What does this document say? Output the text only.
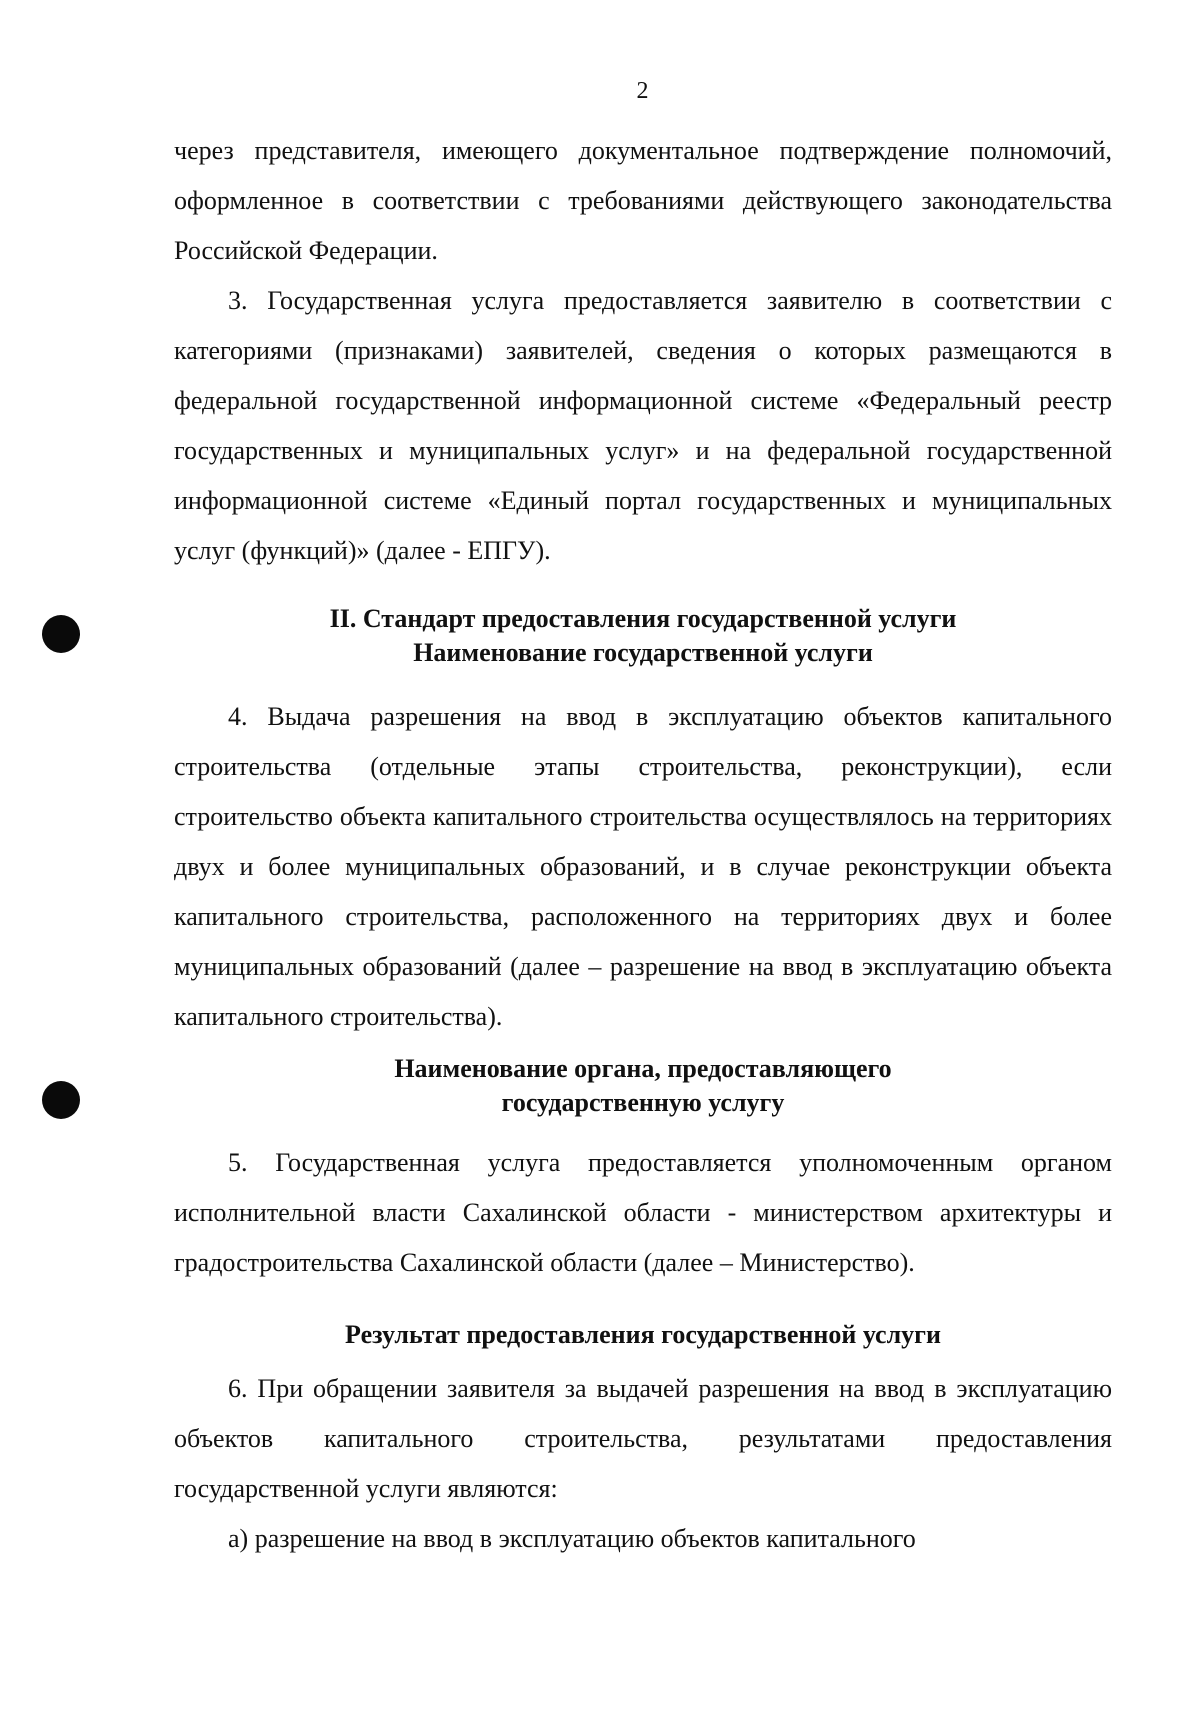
2

через представителя, имеющего документальное подтверждение полномочий, оформленное в соответствии с требованиями действующего законодательства Российской Федерации.

3. Государственная услуга предоставляется заявителю в соответствии с категориями (признаками) заявителей, сведения о которых размещаются в федеральной государственной информационной системе «Федеральный реестр государственных и муниципальных услуг» и на федеральной государственной информационной системе «Единый портал государственных и муниципальных услуг (функций)» (далее - ЕПГУ).

II. Стандарт предоставления государственной услуги
Наименование государственной услуги

4. Выдача разрешения на ввод в эксплуатацию объектов капитального строительства (отдельные этапы строительства, реконструкции), если строительство объекта капитального строительства осуществлялось на территориях двух и более муниципальных образований, и в случае реконструкции объекта капитального строительства, расположенного на территориях двух и более муниципальных образований (далее – разрешение на ввод в эксплуатацию объекта капитального строительства).

Наименование органа, предоставляющего
государственную услугу

5. Государственная услуга предоставляется уполномоченным органом исполнительной власти Сахалинской области - министерством архитектуры и градостроительства Сахалинской области (далее – Министерство).

Результат предоставления государственной услуги

6. При обращении заявителя за выдачей разрешения на ввод в эксплуатацию объектов капитального строительства, результатами предоставления государственной услуги являются:

а) разрешение на ввод в эксплуатацию объектов капитального
